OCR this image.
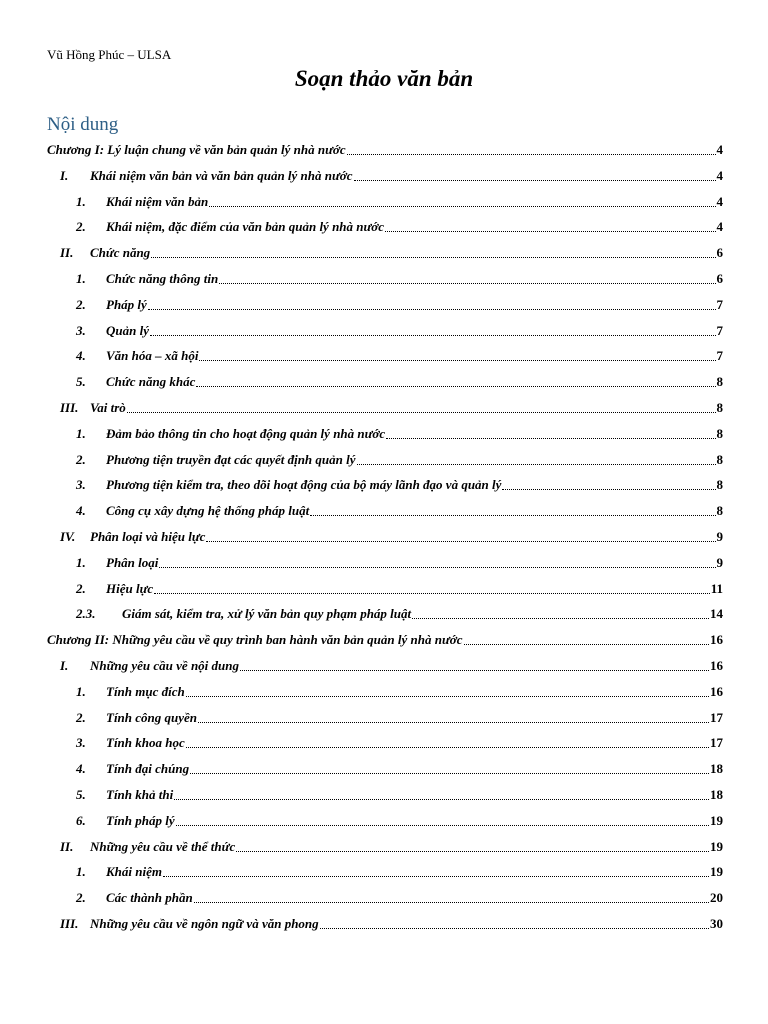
Vũ Hồng Phúc – ULSA
Soạn thảo văn bản
Nội dung
Chương I: Lý luận chung về văn bản quản lý nhà nước	4
I.	Khái niệm văn bản và văn bản quản lý nhà nước	4
1.	Khái niệm văn bản	4
2.	Khái niệm, đặc điểm của văn bản quản lý nhà nước	4
II.	Chức năng	6
1.	Chức năng thông tin	6
2.	Pháp lý	7
3.	Quản lý	7
4.	Văn hóa – xã hội	7
5.	Chức năng khác	8
III. Vai trò	8
1.	Đảm bảo thông tin cho hoạt động quản lý nhà nước	8
2.	Phương tiện truyền đạt các quyết định quản lý	8
3.	Phương tiện kiểm tra, theo dõi hoạt động của bộ máy lãnh đạo và quản lý	8
4.	Công cụ xây dựng hệ thống pháp luật	8
IV.	Phân loại và hiệu lực	9
1.	Phân loại	9
2.	Hiệu lực	11
2.3.	Giám sát, kiểm tra, xử lý văn bản quy phạm pháp luật	14
Chương II: Những yêu cầu về quy trình ban hành văn bản quản lý nhà nước	16
I.	Những yêu cầu về nội dung	16
1.	Tính mục đích	16
2.	Tính công quyền	17
3.	Tính khoa học	17
4.	Tính đại chúng	18
5.	Tính khả thi	18
6.	Tính pháp lý	19
II.	Những yêu cầu về thể thức	19
1.	Khái niệm	19
2.	Các thành phần	20
III. Những yêu cầu về ngôn ngữ và văn phong	30
